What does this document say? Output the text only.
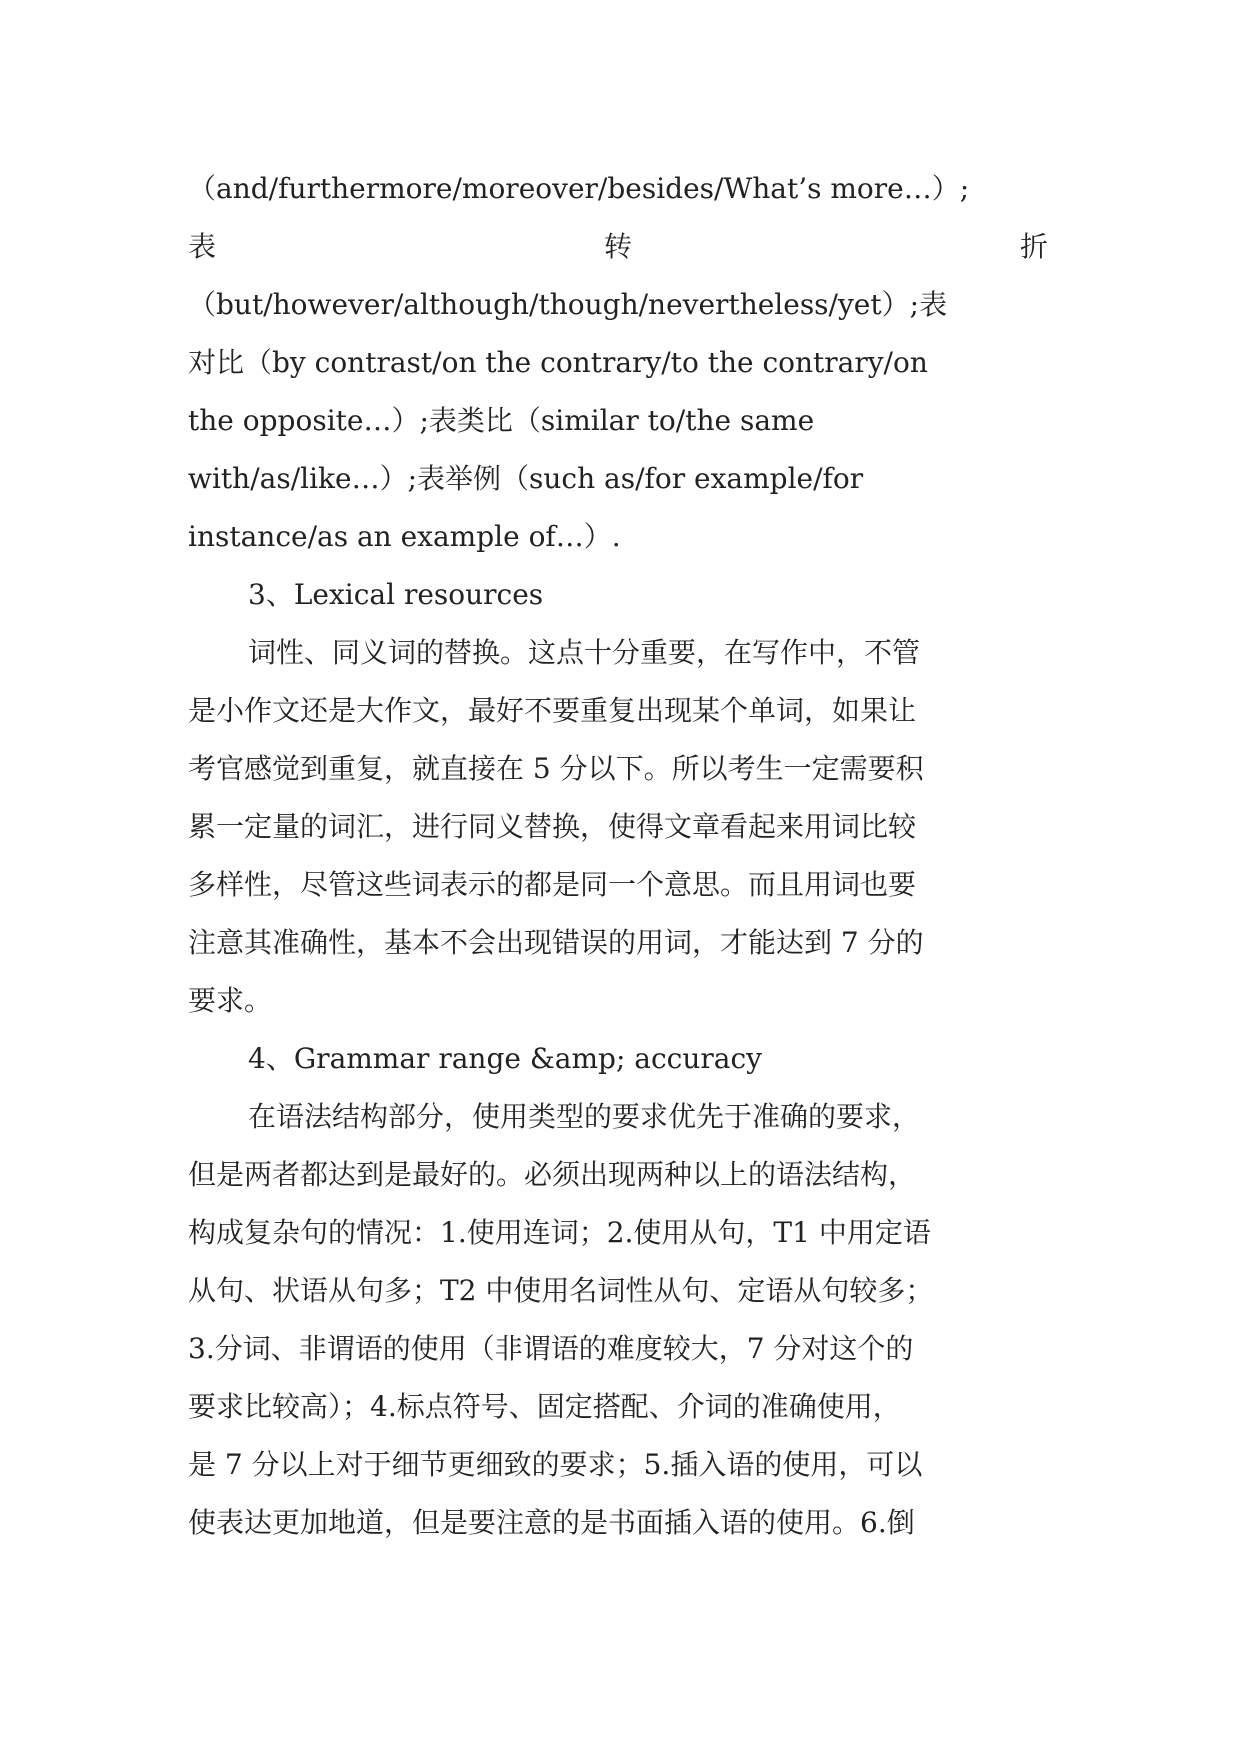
（and/furthermore/moreover/besides/What’s more…）;
表	转	折
（but/however/although/though/nevertheless/yet）;表
对比（by contrast/on the contrary/to the contrary/on
the opposite…）;表类比（similar to/the same
with/as/like…）;表举例（such as/for example/for
instance/as an example of…）.
3、Lexical resources
词性、同义词的替换。这点十分重要，在写作中，不管
是小作文还是大作文，最好不要重复出现某个单词，如果让
考官感觉到重复，就直接在 5 分以下。所以考生一定需要积
累一定量的词汇，进行同义替换，使得文章看起来用词比较
多样性，尽管这些词表示的都是同一个意思。而且用词也要
注意其准确性，基本不会出现错误的用词，才能达到 7 分的
要求。
4、Grammar range &amp; accuracy
在语法结构部分，使用类型的要求优先于准确的要求，
但是两者都达到是最好的。必须出现两种以上的语法结构，
构成复杂句的情况：1.使用连词；2.使用从句，T1 中用定语
从句、状语从句多；T2 中使用名词性从句、定语从句较多；
3.分词、非谓语的使用（非谓语的难度较大，7 分对这个的
要求比较高）；4.标点符号、固定搭配、介词的准确使用，
是 7 分以上对于细节更细致的要求；5.插入语的使用，可以
使表达更加地道，但是要注意的是书面插入语的使用。6.倒
